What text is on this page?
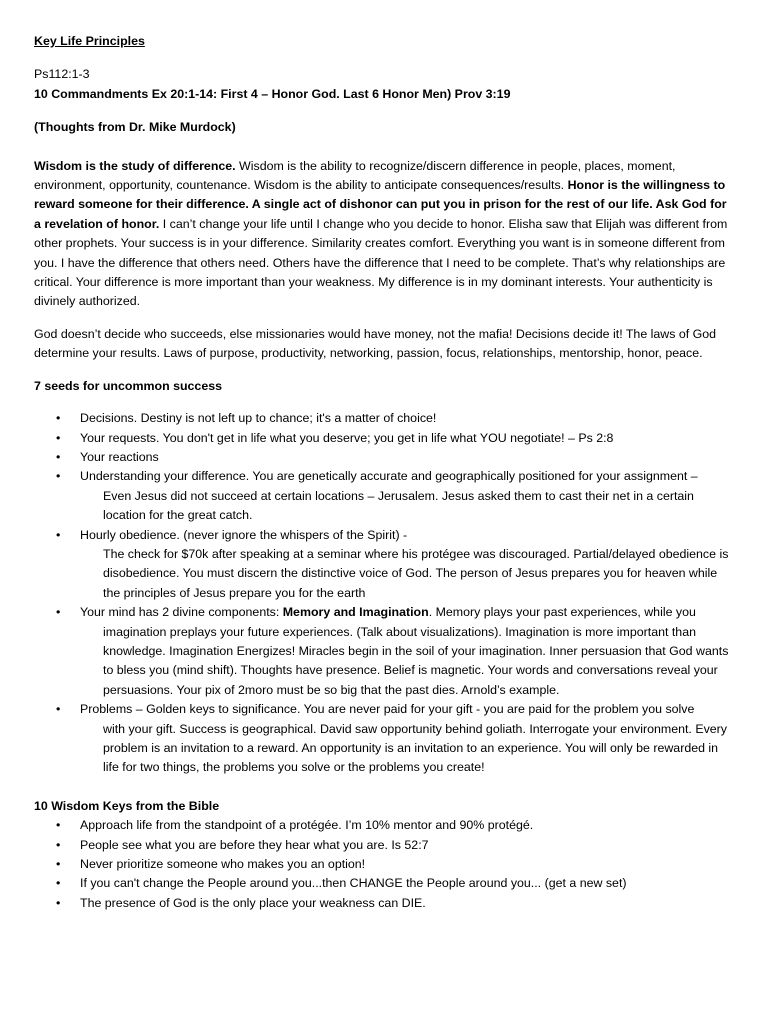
Key Life Principles

Ps112:1-3

10 Commandments Ex 20:1-14: First 4 – Honor God. Last 6 Honor Men) Prov 3:19

(Thoughts from Dr. Mike Murdock)

Wisdom is the study of difference. Wisdom is the ability to recognize/discern difference in people, places, moment, environment, opportunity, countenance. Wisdom is the ability to anticipate consequences/results. Honor is the willingness to reward someone for their difference. A single act of dishonor can put you in prison for the rest of our life. Ask God for a revelation of honor. I can’t change your life until I change who you decide to honor. Elisha saw that Elijah was different from other prophets. Your success is in your difference. Similarity creates comfort. Everything you want is in someone different from you. I have the difference that others need. Others have the difference that I need to be complete. That’s why relationships are critical. Your difference is more important than your weakness. My difference is in my dominant interests. Your authenticity is divinely authorized.

God doesn’t decide who succeeds, else missionaries would have money, not the mafia! Decisions decide it! The laws of God determine your results. Laws of purpose, productivity, networking, passion, focus, relationships, mentorship, honor, peace.

7 seeds for uncommon success

• Decisions. Destiny is not left up to chance; it's a matter of choice!
• Your requests. You don't get in life what you deserve; you get in life what YOU negotiate! – Ps 2:8
• Your reactions
• Understanding your difference. You are genetically accurate and geographically positioned for your assignment –
Even Jesus did not succeed at certain locations – Jerusalem. Jesus asked them to cast their net in a certain location for the great catch.
• Hourly obedience. (never ignore the whispers of the Spirit) -
The check for $70k after speaking at a seminar where his protégee was discouraged. Partial/delayed obedience is disobedience. You must discern the distinctive voice of God. The person of Jesus prepares you for heaven while the principles of Jesus prepare you for the earth
• Your mind has 2 divine components: Memory and Imagination. Memory plays your past experiences, while you
imagination preplays your future experiences. (Talk about visualizations). Imagination is more important than knowledge. Imagination Energizes! Miracles begin in the soil of your imagination. Inner persuasion that God wants to bless you (mind shift). Thoughts have presence. Belief is magnetic. Your words and conversations reveal your persuasions. Your pix of 2moro must be so big that the past dies. Arnold’s example.
• Problems – Golden keys to significance. You are never paid for your gift - you are paid for the problem you solve
with your gift. Success is geographical. David saw opportunity behind goliath. Interrogate your environment. Every problem is an invitation to a reward. An opportunity is an invitation to an experience. You will only be rewarded in life for two things, the problems you solve or the problems you create!

10 Wisdom Keys from the Bible

• Approach life from the standpoint of a protégée. I’m 10% mentor and 90% protégé.
• People see what you are before they hear what you are. Is 52:7
• Never prioritize someone who makes you an option!
• If you can't change the People around you...then CHANGE the People around you... (get a new set)
• The presence of God is the only place your weakness can DIE.
